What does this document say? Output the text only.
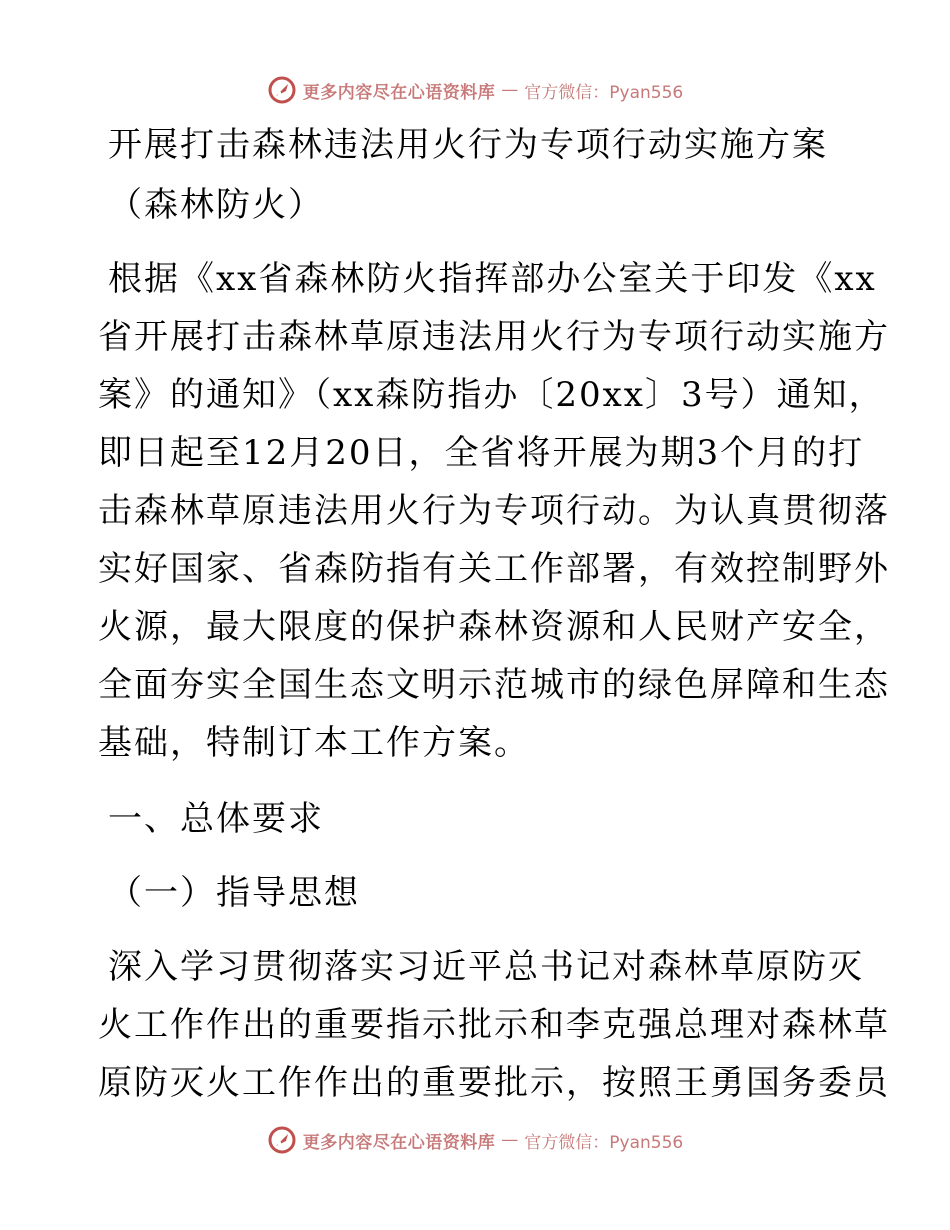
更多内容尽在心语资料库 — 官方微信：Pyan556
开展打击森林违法用火行为专项行动实施方案
（森林防火）
根据《xx省森林防火指挥部办公室关于印发《xx
省开展打击森林草原违法用火行为专项行动实施方
案》的通知》（xx森防指办〔20xx〕3号）通知，
即日起至12月20日，全省将开展为期3个月的打
击森林草原违法用火行为专项行动。为认真贯彻落
实好国家、省森防指有关工作部署，有效控制野外
火源，最大限度的保护森林资源和人民财产安全，
全面夯实全国生态文明示范城市的绿色屏障和生态
基础，特制订本工作方案。
一、总体要求
（一）指导思想
深入学习贯彻落实习近平总书记对森林草原防灭
火工作作出的重要指示批示和李克强总理对森林草
原防灭火工作作出的重要批示，按照王勇国务委员
更多内容尽在心语资料库 — 官方微信：Pyan556
